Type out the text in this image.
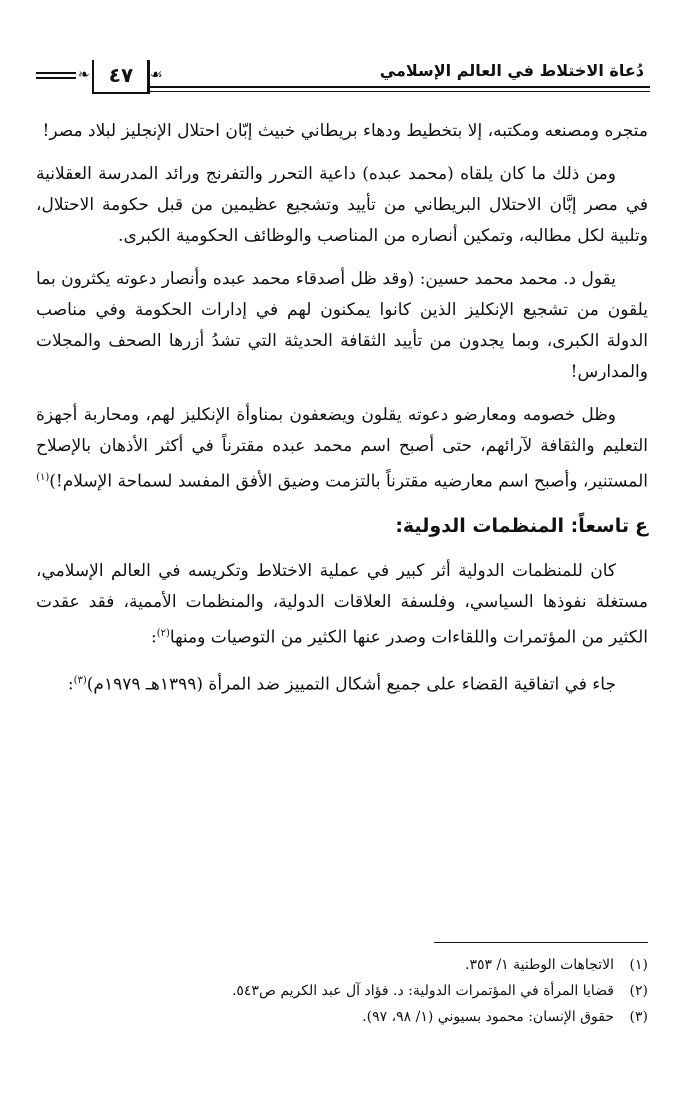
دُعاة الاختلاط في العالم الإسلامي
٤٧
❧	☙

متجره ومصنعه ومكتبه، إلا بتخطيط ودهاء بريطاني خبيث إبّان احتلال الإنجليز لبلاد مصر!

ومن ذلك ما كان يلقاه (محمد عبده) داعية التحرر والتفرنج ورائد المدرسة العقلانية في مصر إبَّان الاحتلال البريطاني من تأييد وتشجيع عظيمين من قبل حكومة الاحتلال، وتلبية لكل مطالبه، وتمكين أنصاره من المناصب والوظائف الحكومية الكبرى.

يقول د. محمد محمد حسين: (وقد ظل أصدقاء محمد عبده وأنصار دعوته يكثرون بما يلقون من تشجيع الإنكليز الذين كانوا يمكنون لهم في إدارات الحكومة وفي مناصب الدولة الكبرى، وبما يجدون من تأييد الثقافة الحديثة التي تشدُ أزرها الصحف والمجلات والمدارس!

وظل خصومه ومعارضو دعوته يقلون ويضعفون بمناوأة الإنكليز لهم، ومحاربة أجهزة التعليم والثقافة لآرائهم، حتى أصبح اسم محمد عبده مقترناً في أكثر الأذهان بالإصلاح المستنير، وأصبح اسم معارضيه مقترناً بالتزمت وضيق الأفق المفسد لسماحة الإسلام!)$^{(١)}$

عتاسعاً: المنظمات الدولية:

كان للمنظمات الدولية أثر كبير في عملية الاختلاط وتكريسه في العالم الإسلامي، مستغلة نفوذها السياسي، وفلسفة العلاقات الدولية، والمنظمات الأممية، فقد عقدت الكثير من المؤتمرات واللقاءات وصدر عنها الكثير من التوصيات ومنها$^{(٢)}$:

جاء في اتفاقية القضاء على جميع أشكال التمييز ضد المرأة (١٣٩٩هـ ١٩٧٩م)$^{(٣)}$:

(١)الاتجاهات الوطنية ١/ ٣٥٣.

(٢)قضايا المرأة في المؤتمرات الدولية: د. فؤاد آل عبد الكريم ص٥٤٣.

(٣)حقوق الإنسان: محمود بسيوني (١/ ٩٨، ٩٧).
